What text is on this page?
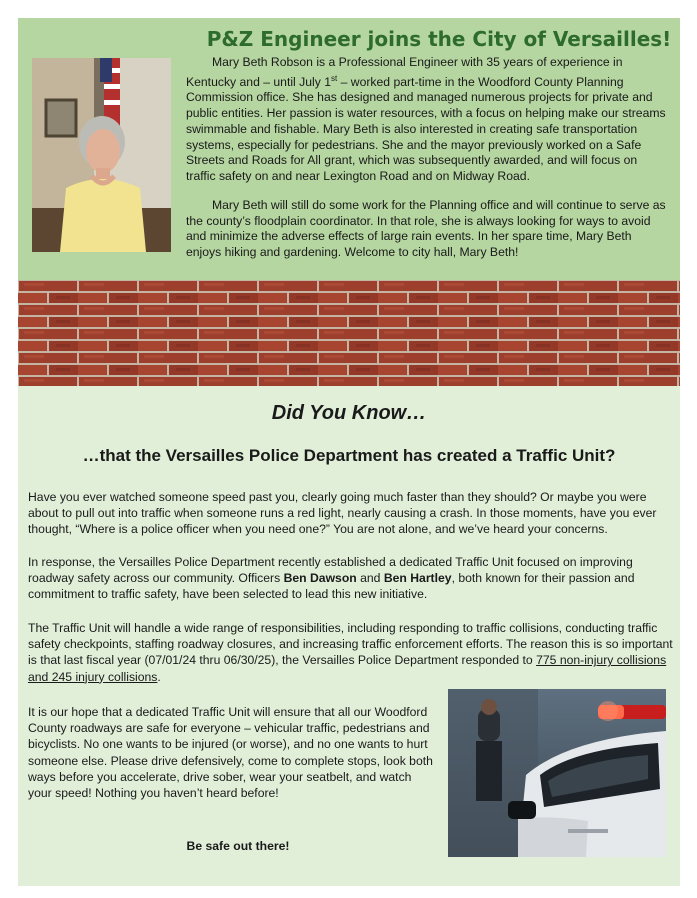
P&Z Engineer joins the City of Versailles!

Mary Beth Robson is a Professional Engineer with 35 years of experience in Kentucky and – until July 1st – worked part-time in the Woodford County Planning Commission office. She has designed and managed numerous projects for private and public entities. Her passion is water resources, with a focus on helping make our streams swimmable and fishable. Mary Beth is also interested in creating safe transportation systems, especially for pedestrians. She and the mayor previously worked on a Safe Streets and Roads for All grant, which was subsequently awarded, and will focus on traffic safety on and near Lexington Road and on Midway Road.

Mary Beth will still do some work for the Planning office and will continue to serve as the county’s floodplain coordinator. In that role, she is always looking for ways to avoid and minimize the adverse effects of large rain events. In her spare time, Mary Beth enjoys hiking and gardening. Welcome to city hall, Mary Beth!

Did You Know…
…that the Versailles Police Department has created a Traffic Unit?

Have you ever watched someone speed past you, clearly going much faster than they should? Or maybe you were about to pull out into traffic when someone runs a red light, nearly causing a crash. In those moments, have you ever thought, “Where is a police officer when you need one?” You are not alone, and we’ve heard your concerns.

In response, the Versailles Police Department recently established a dedicated Traffic Unit focused on improving roadway safety across our community. Officers Ben Dawson and Ben Hartley, both known for their passion and commitment to traffic safety, have been selected to lead this new initiative.

The Traffic Unit will handle a wide range of responsibilities, including responding to traffic collisions, conducting traffic safety checkpoints, staffing roadway closures, and increasing traffic enforcement efforts. The reason this is so important is that last fiscal year (07/01/24 thru 06/30/25), the Versailles Police Department responded to 775 non-injury collisions and 245 injury collisions.

It is our hope that a dedicated Traffic Unit will ensure that all our Woodford County roadways are safe for everyone – vehicular traffic, pedestrians and bicyclists. No one wants to be injured (or worse), and no one wants to hurt someone else. Please drive defensively, come to complete stops, look both ways before you accelerate, drive sober, wear your seatbelt, and watch your speed! Nothing you haven’t heard before!

Be safe out there!
